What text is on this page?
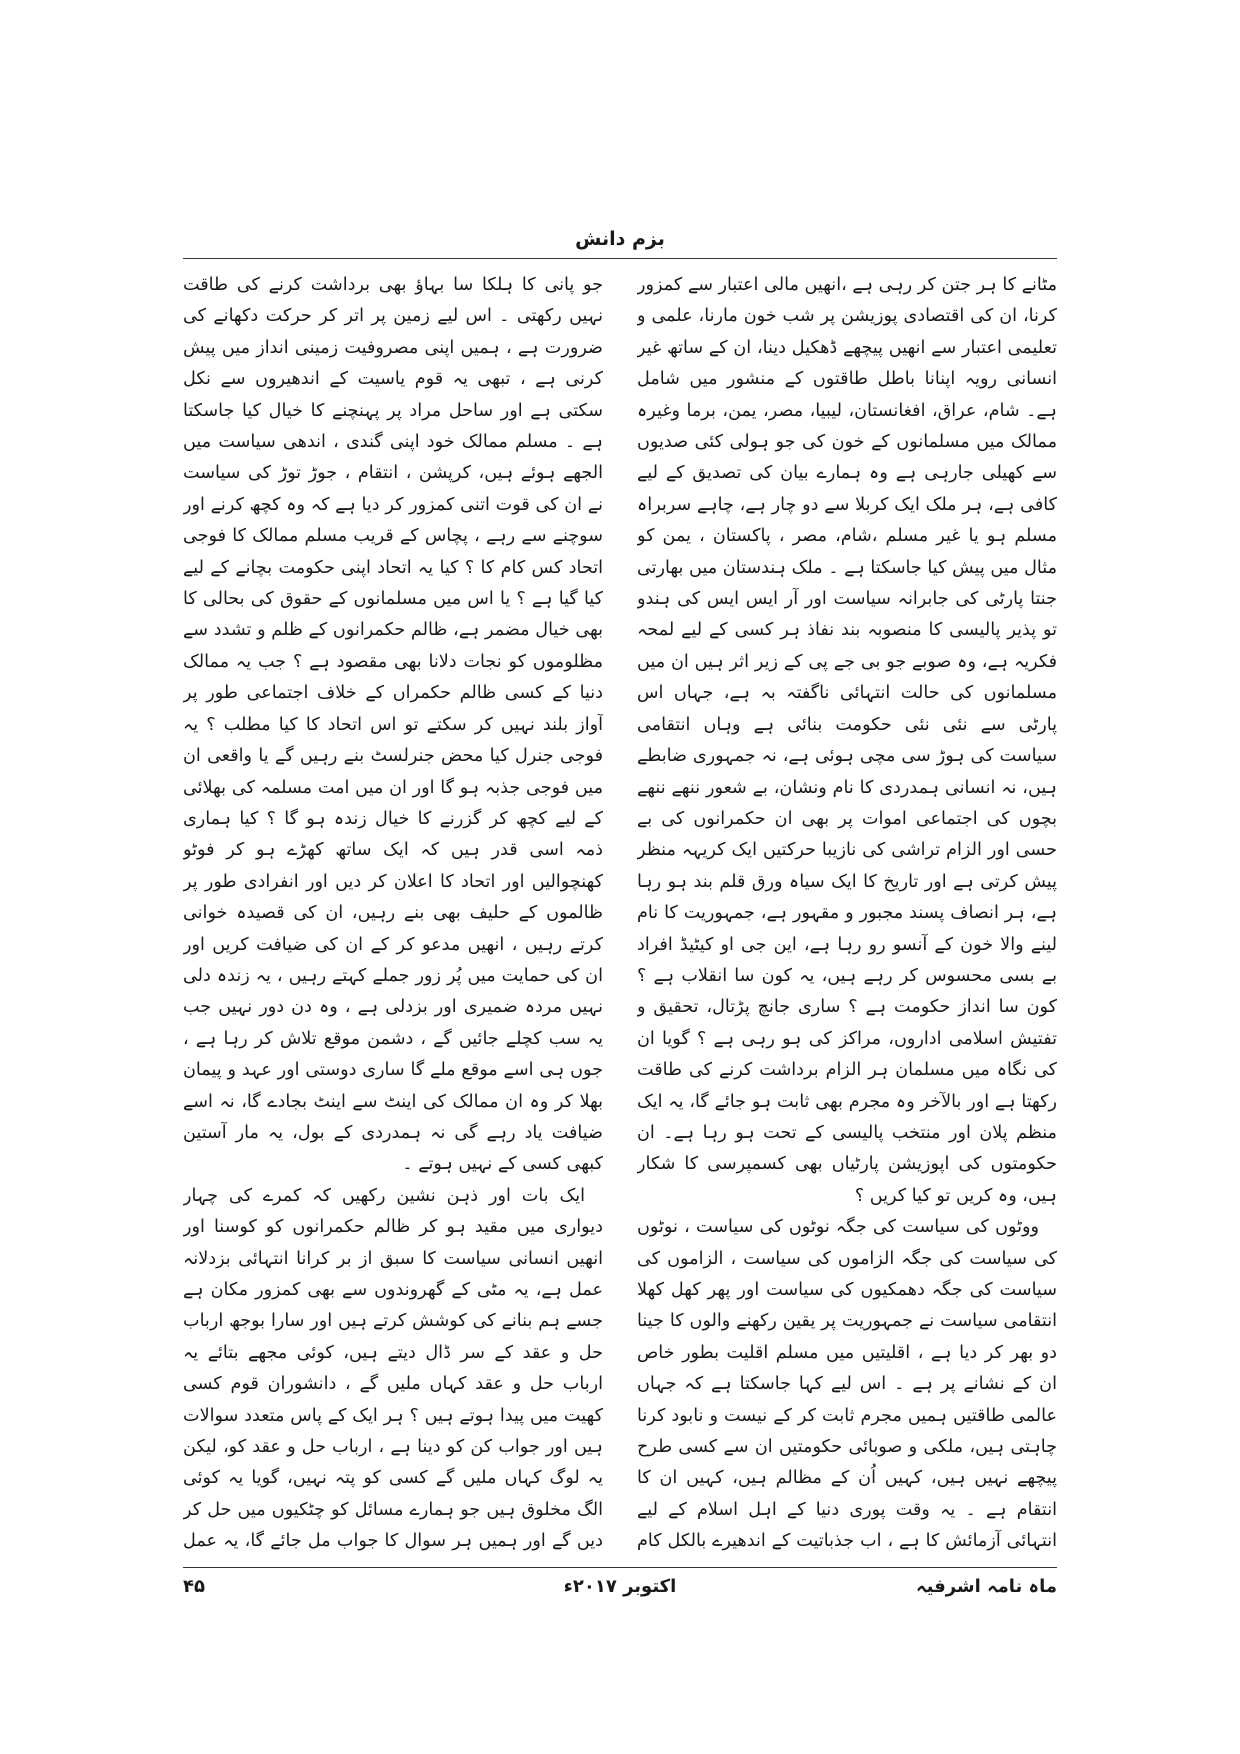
بزم دانش

مٹانے کا ہر جتن کر رہی ہے ،انھیں مالی اعتبار سے کمزور کرنا، ان کی اقتصادی پوزیشن پر شب خون مارنا، علمی و تعلیمی اعتبار سے انھیں پیچھے ڈھکیل دینا، ان کے ساتھ غیر انسانی رویہ اپنانا باطل طاقتوں کے منشور میں شامل ہے۔ شام، عراق، افغانستان، لیبیا، مصر، یمن، برما وغیرہ ممالک میں مسلمانوں کے خون کی جو ہولی کئی صدیوں سے کھیلی جارہی ہے وہ ہمارے بیان کی تصدیق کے لیے کافی ہے، ہر ملک ایک کربلا سے دو چار ہے، چاہے سربراہ مسلم ہو یا غیر مسلم ،شام، مصر ، پاکستان ، یمن کو مثال میں پیش کیا جاسکتا ہے ۔ ملک ہندستان میں بھارتی جنتا پارٹی کی جابرانہ سیاست اور آر ایس ایس کی ہندو تو پذیر پالیسی کا منصوبہ بند نفاذ ہر کسی کے لیے لمحہ فکریہ ہے، وہ صوبے جو بی جے پی کے زیر اثر ہیں ان میں مسلمانوں کی حالت انتہائی ناگفتہ بہ ہے، جہاں اس پارٹی سے نئی نئی حکومت بنائی ہے وہاں انتقامی سیاست کی ہوڑ سی مچی ہوئی ہے، نہ جمہوری ضابطے ہیں، نہ انسانی ہمدردی کا نام ونشان، بے شعور ننھے ننھے بچوں کی اجتماعی اموات پر بھی ان حکمرانوں کی بے حسی اور الزام تراشی کی نازیبا حرکتیں ایک کریہہ منظر پیش کرتی ہے اور تاریخ کا ایک سیاہ ورق قلم بند ہو رہا ہے، ہر انصاف پسند مجبور و مقہور ہے، جمہوریت کا نام لینے والا خون کے آنسو رو رہا ہے، این جی او کیٹیڈ افراد بے بسی محسوس کر رہے ہیں، یہ کون سا انقلاب ہے ؟ کون سا انداز حکومت ہے ؟ ساری جانچ پڑتال، تحقیق و تفتیش اسلامی اداروں، مراکز کی ہو رہی ہے ؟ گویا ان کی نگاہ میں مسلمان ہر الزام برداشت کرنے کی طاقت رکھتا ہے اور بالآخر وہ مجرم بھی ثابت ہو جائے گا، یہ ایک منظم پلان اور منتخب پالیسی کے تحت ہو رہا ہے۔ ان حکومتوں کی اپوزیشن پارٹیاں بھی کسمپرسی کا شکار ہیں، وہ کریں تو کیا کریں ؟

ووٹوں کی سیاست کی جگہ نوٹوں کی سیاست ، نوٹوں کی سیاست کی جگہ الزاموں کی سیاست ، الزاموں کی سیاست کی جگہ دھمکیوں کی سیاست اور پھر کھل کھلا انتقامی سیاست نے جمہوریت پر یقین رکھنے والوں کا جینا دو بھر کر دیا ہے ، اقلیتیں میں مسلم اقلیت بطور خاص ان کے نشانے پر ہے ۔ اس لیے کہا جاسکتا ہے کہ جہاں عالمی طاقتیں ہمیں مجرم ثابت کر کے نیست و نابود کرنا چاہتی ہیں، ملکی و صوبائی حکومتیں ان سے کسی طرح پیچھے نہیں ہیں، کہیں اُن کے مظالم ہیں، کہیں ان کا انتقام ہے ۔ یہ وقت پوری دنیا کے اہل اسلام کے لیے انتہائی آزمائش کا ہے ، اب جذباتیت کے اندھیرے بالکل کام

جو پانی کا ہلکا سا بہاؤ بھی برداشت کرنے کی طاقت نہیں رکھتی ۔ اس لیے زمین پر اتر کر حرکت دکھانے کی ضرورت ہے ، ہمیں اپنی مصروفیت زمینی انداز میں پیش کرنی ہے ، تبھی یہ قوم یاسیت کے اندھیروں سے نکل سکتی ہے اور ساحل مراد پر پہنچنے کا خیال کیا جاسکتا ہے ۔ مسلم ممالک خود اپنی گندی ، اندھی سیاست میں الجھے ہوئے ہیں، کرپشن ، انتقام ، جوڑ توڑ کی سیاست نے ان کی قوت اتنی کمزور کر دیا ہے کہ وہ کچھ کرنے اور سوچنے سے رہے ، پچاس کے قریب مسلم ممالک کا فوجی اتحاد کس کام کا ؟ کیا یہ اتحاد اپنی حکومت بچانے کے لیے کیا گیا ہے ؟ یا اس میں مسلمانوں کے حقوق کی بحالی کا بھی خیال مضمر ہے، ظالم حکمرانوں کے ظلم و تشدد سے مظلوموں کو نجات دلانا بھی مقصود ہے ؟ جب یہ ممالک دنیا کے کسی ظالم حکمراں کے خلاف اجتماعی طور پر آواز بلند نہیں کر سکتے تو اس اتحاد کا کیا مطلب ؟ یہ فوجی جنرل کیا محض جنرلسٹ بنے رہیں گے یا واقعی ان میں فوجی جذبہ ہو گا اور ان میں امت مسلمہ کی بھلائی کے لیے کچھ کر گزرنے کا خیال زندہ ہو گا ؟ کیا ہماری ذمہ اسی قدر ہیں کہ ایک ساتھ کھڑے ہو کر فوٹو کھنچوالیں اور اتحاد کا اعلان کر دیں اور انفرادی طور پر ظالموں کے حلیف بھی بنے رہیں، ان کی قصیدہ خوانی کرتے رہیں ، انھیں مدعو کر کے ان کی ضیافت کریں اور ان کی حمایت میں پُر زور جملے کہتے رہیں ، یہ زندہ دلی نہیں مردہ ضمیری اور بزدلی ہے ، وہ دن دور نہیں جب یہ سب کچلے جائیں گے ، دشمن موقع تلاش کر رہا ہے ، جوں ہی اسے موقع ملے گا ساری دوستی اور عہد و پیمان بھلا کر وہ ان ممالک کی اینٹ سے اینٹ بجادے گا، نہ اسے ضیافت یاد رہے گی نہ ہمدردی کے بول، یہ مار آستین کبھی کسی کے نہیں ہوتے ۔

ایک بات اور ذہن نشین رکھیں کہ کمرے کی چہار دیواری میں مقید ہو کر ظالم حکمرانوں کو کوسنا اور انھیں انسانی سیاست کا سبق از بر کرانا انتہائی بزدلانہ عمل ہے، یہ مٹی کے گھروندوں سے بھی کمزور مکان ہے جسے ہم بنانے کی کوشش کرتے ہیں اور سارا بوجھ ارباب حل و عقد کے سر ڈال دیتے ہیں، کوئی مجھے بتائے یہ ارباب حل و عقد کہاں ملیں گے ، دانشوران قوم کسی کھیت میں پیدا ہوتے ہیں ؟ ہر ایک کے پاس متعدد سوالات ہیں اور جواب کن کو دینا ہے ، ارباب حل و عقد کو، لیکن یہ لوگ کہاں ملیں گے کسی کو پتہ نہیں، گویا یہ کوئی الگ مخلوق ہیں جو ہمارے مسائل کو چٹکیوں میں حل کر دیں گے اور ہمیں ہر سوال کا جواب مل جائے گا، یہ عمل

ماہ نامہ اشرفیہ
اکتوبر ۲۰۱۷ء
۴۵
